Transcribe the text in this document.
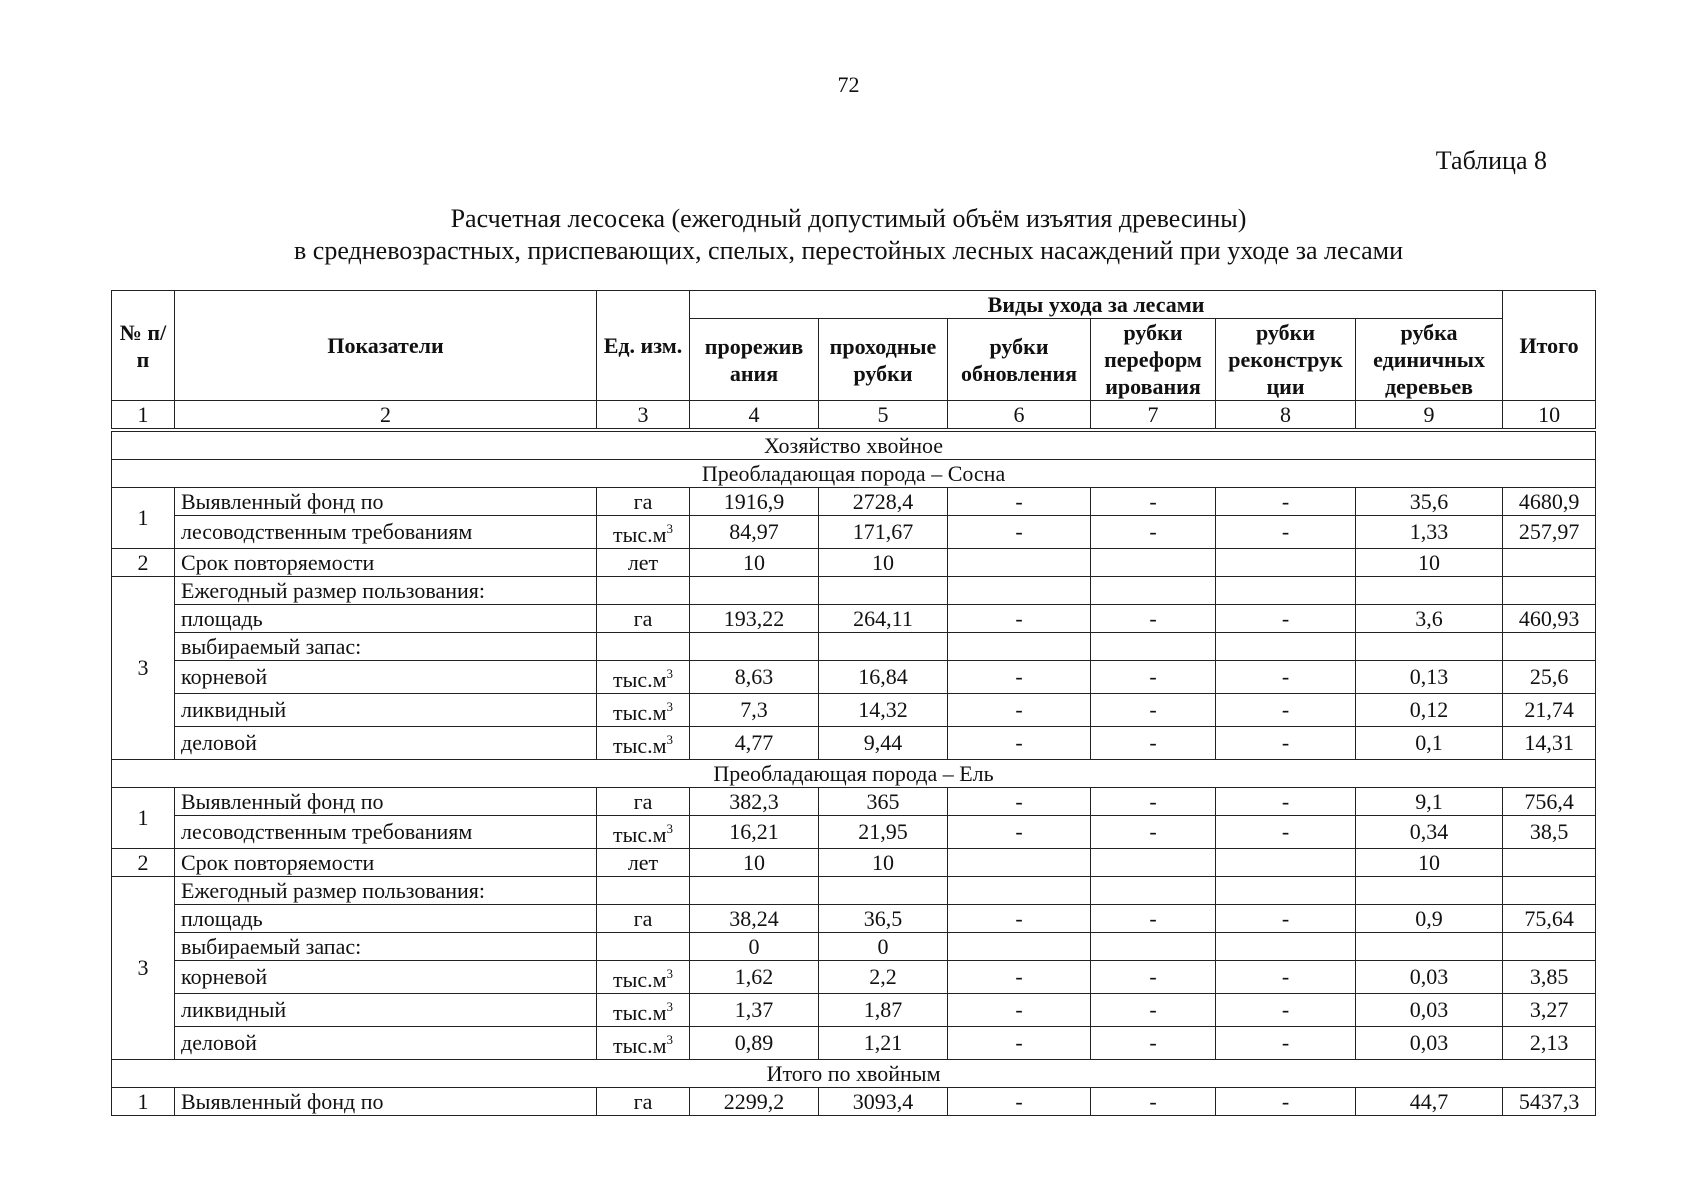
72
Таблица 8
Расчетная лесосека (ежегодный допустимый объём изъятия древесины)
в средневозрастных, приспевающих, спелых, перестойных лесных насаждений при уходе за лесами
№ п/п	Показатели	Ед. изм.	Виды ухода за лесами						Итого
			прорежив ания	проходные рубки	рубки обновления	рубки переформ ирования	рубки реконструк ции	рубка единичных деревьев	
1	2	3	4	5	6	7	8	9	10
Хозяйство хвойное									
Преобладающая порода – Сосна									
1	Выявленный фонд по	га	1916,9	2728,4	-	-	-	35,6	4680,9
	лесоводственным требованиям	$тыс.м^3$	84,97	171,67	-	-	-	1,33	257,97
2	Срок повторяемости	лет	10	10				10	
3	Ежегодный размер пользования:								
	площадь	га	193,22	264,11	-	-	-	3,6	460,93
	выбираемый запас:								
	корневой	$тыс.м^3$	8,63	16,84	-	-	-	0,13	25,6
	ликвидный	$тыс.м^3$	7,3	14,32	-	-	-	0,12	21,74
	деловой	$тыс.м^3$	4,77	9,44	-	-	-	0,1	14,31
Преобладающая порода – Ель									
1	Выявленный фонд по	га	382,3	365	-	-	-	9,1	756,4
	лесоводственным требованиям	$тыс.м^3$	16,21	21,95	-	-	-	0,34	38,5
2	Срок повторяемости	лет	10	10				10	
3	Ежегодный размер пользования:								
	площадь	га	38,24	36,5	-	-	-	0,9	75,64
	выбираемый запас:		0	0					
	корневой	$тыс.м^3$	1,62	2,2	-	-	-	0,03	3,85
	ликвидный	$тыс.м^3$	1,37	1,87	-	-	-	0,03	3,27
	деловой	$тыс.м^3$	0,89	1,21	-	-	-	0,03	2,13
Итого по хвойным									
1	Выявленный фонд по	га	2299,2	3093,4	-	-	-	44,7	5437,3
